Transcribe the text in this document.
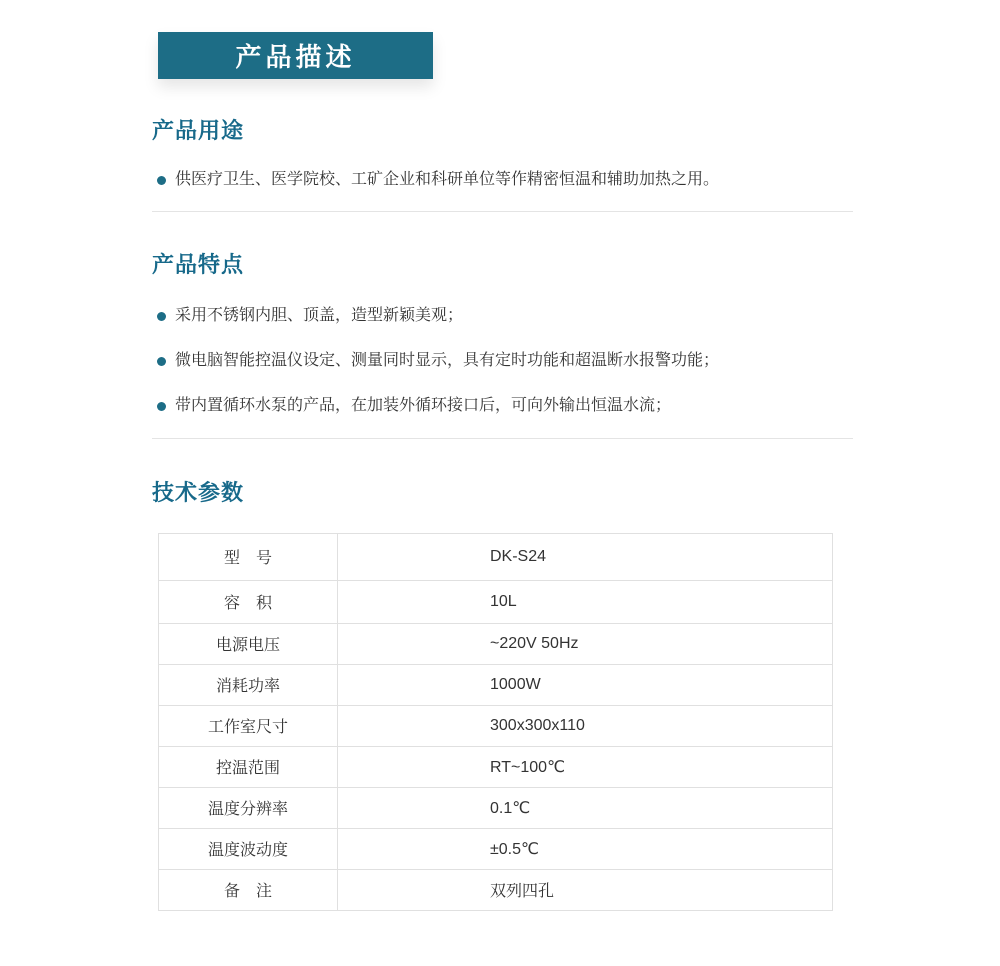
产品描述
产品用途
供医疗卫生、医学院校、工矿企业和科研单位等作精密恒温和辅助加热之用。
产品特点
采用不锈钢内胆、顶盖，造型新颖美观；
微电脑智能控温仪设定、测量同时显示，具有定时功能和超温断水报警功能；
带内置循环水泵的产品，在加装外循环接口后，可向外输出恒温水流；
技术参数
型　号	DK-S24
容　积	10L
电源电压	~220V 50Hz
消耗功率	1000W
工作室尺寸	300x300x110
控温范围	RT~100℃
温度分辨率	0.1℃
温度波动度	±0.5℃
备　注	双列四孔
